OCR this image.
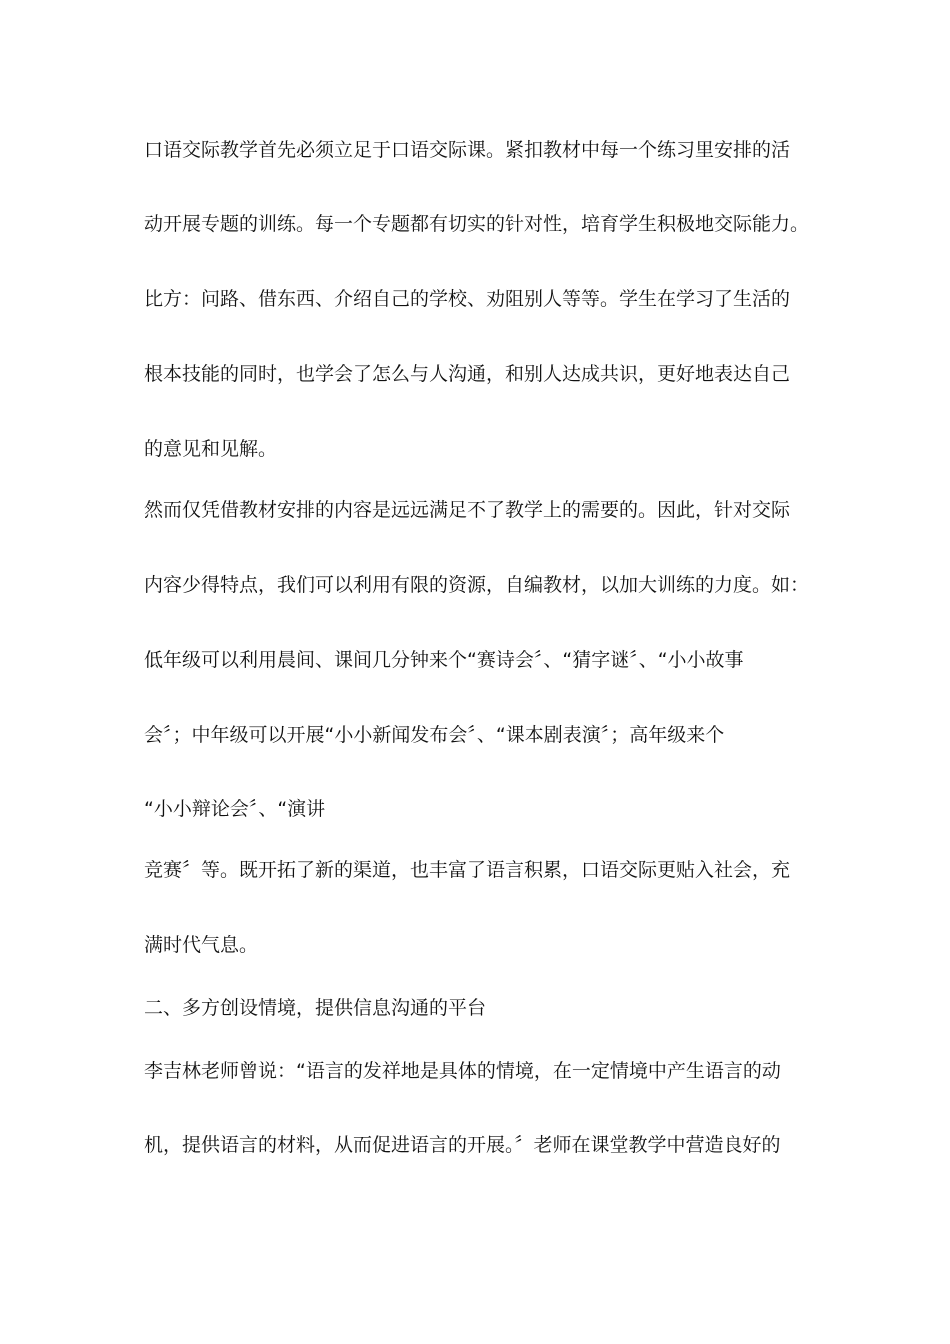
口语交际教学首先必须立足于口语交际课。紧扣教材中每一个练习里安排的活
动开展专题的训练。每一个专题都有切实的针对性，培育学生积极地交际能力。
比方：问路、借东西、介绍自己的学校、劝阻别人等等。学生在学习了生活的
根本技能的同时，也学会了怎么与人沟通，和别人达成共识，更好地表达自己
的意见和见解。
然而仅凭借教材安排的内容是远远满足不了教学上的需要的。因此，针对交际
内容少得特点，我们可以利用有限的资源，自编教材，以加大训练的力度。如：
低年级可以利用晨间、课间几分钟来个“赛诗会〞、“猜字谜〞、“小小故事
会〞；中年级可以开展“小小新闻发布会〞、“课本剧表演〞；高年级来个
“小小辩论会〞、“演讲
竞赛〞等。既开拓了新的渠道，也丰富了语言积累，口语交际更贴入社会，充
满时代气息。
二、多方创设情境，提供信息沟通的平台
李吉林老师曾说：“语言的发祥地是具体的情境，在一定情境中产生语言的动
机，提供语言的材料，从而促进语言的开展。〞老师在课堂教学中营造良好的
